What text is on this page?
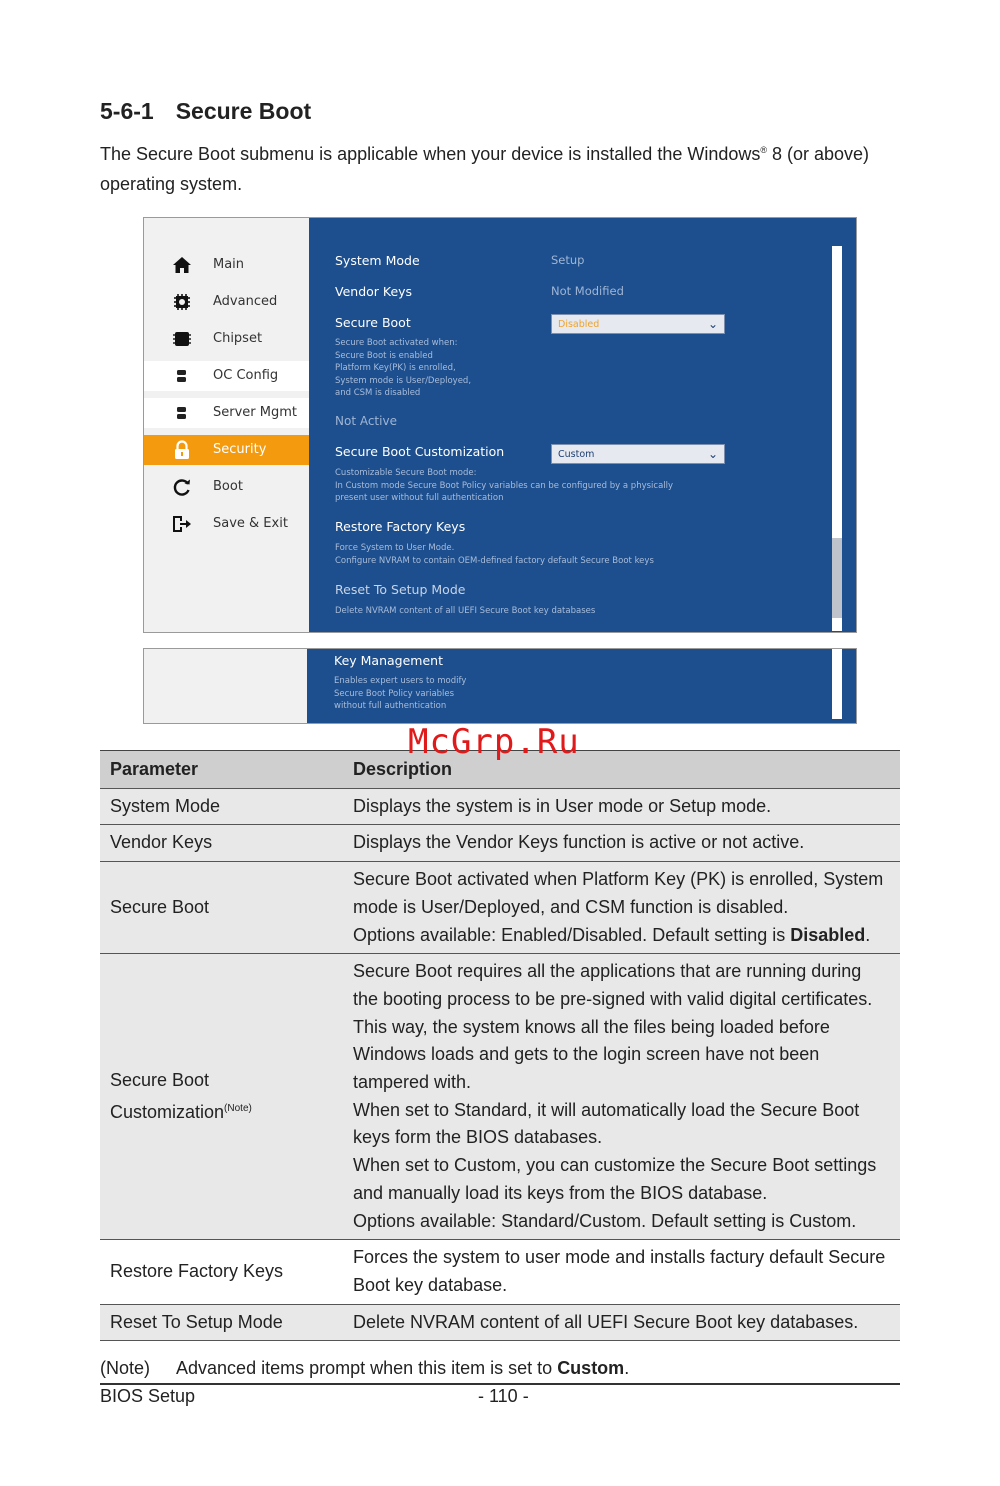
5-6-1 Secure Boot
The Secure Boot submenu is applicable when your device is installed the Windows® 8 (or above) operating system.
Main
Advanced
Chipset
OC Config
Server Mgmt
Security
Boot
Save & Exit
System Mode	Setup
Vendor Keys	Not Modified
Secure Boot	Disabled	⌄
Secure Boot activated when:
Secure Boot is enabled
Platform Key(PK) is enrolled,
System mode is User/Deployed,
and CSM is disabled
Not Active
Secure Boot Customization	Custom	⌄
Customizable Secure Boot mode:
In Custom mode Secure Boot Policy variables can be configured by a physically
present user without full authentication
Restore Factory Keys
Force System to User Mode.
Configure NVRAM to contain OEM-defined factory default Secure Boot keys
Reset To Setup Mode
Delete NVRAM content of all UEFI Secure Boot key databases
Key Management
Enables expert users to modify
Secure Boot Policy variables
without full authentication
Parameter	Description
System Mode	Displays the system is in User mode or Setup mode.
Vendor Keys	Displays the Vendor Keys function is active or not active.
Secure Boot	Secure Boot activated when Platform Key (PK) is enrolled, System mode is User/Deployed, and CSM function is disabled.
Options available: Enabled/Disabled. Default setting is Disabled.

Secure Boot Customization$^{(Note)}$	Secure Boot requires all the applications that are running during the booting process to be pre-signed with valid digital certificates. This way, the system knows all the files being loaded before Windows loads and gets to the login screen have not been tampered with.
When set to Standard, it will automatically load the Secure Boot keys form the BIOS databases.
When set to Custom, you can customize the Secure Boot settings and manually load its keys from the BIOS database.
Options available: Standard/Custom. Default setting is Custom.

Restore Factory Keys	Forces the system to user mode and installs factury default Secure Boot key database.
Reset To Setup Mode	Delete NVRAM content of all UEFI Secure Boot key databases.
McGrp.Ru
(Note) Advanced items prompt when this item is set to Custom.
BIOS Setup	- 110 -
